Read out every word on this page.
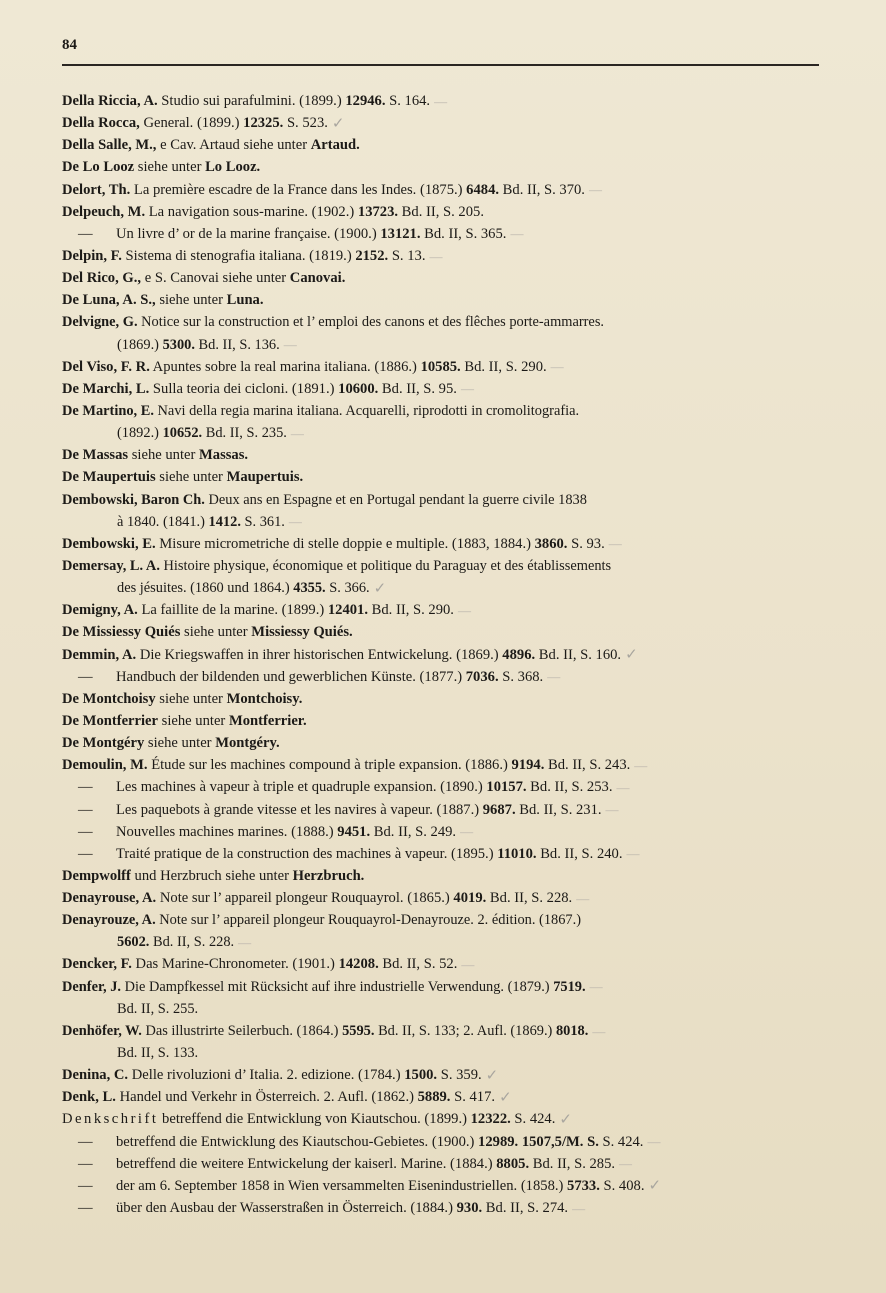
84
Della Riccia, A. Studio sui parafulmini. (1899.) 12946. S. 164. —
Della Rocca, General. (1899.) 12325. S. 523. ✓
Della Salle, M., e Cav. Artaud siehe unter Artaud.
De Lo Looz siehe unter Lo Looz.
Delort, Th. La première escadre de la France dans les Indes. (1875.) 6484. Bd. II, S. 370. —
Delpeuch, M. La navigation sous-marine. (1902.) 13723. Bd. II, S. 205.
— Un livre d’ or de la marine française. (1900.) 13121. Bd. II, S. 365. —
Delpin, F. Sistema di stenografia italiana. (1819.) 2152. S. 13. —
Del Rico, G., e S. Canovai siehe unter Canovai.
De Luna, A. S., siehe unter Luna.
Delvigne, G. Notice sur la construction et l’ emploi des canons et des flêches porte-ammarres.
(1869.) 5300. Bd. II, S. 136. —
Del Viso, F. R. Apuntes sobre la real marina italiana. (1886.) 10585. Bd. II, S. 290. —
De Marchi, L. Sulla teoria dei cicloni. (1891.) 10600. Bd. II, S. 95. —
De Martino, E. Navi della regia marina italiana. Acquarelli, riprodotti in cromolitografia.
(1892.) 10652. Bd. II, S. 235. —
De Massas siehe unter Massas.
De Maupertuis siehe unter Maupertuis.
Dembowski, Baron Ch. Deux ans en Espagne et en Portugal pendant la guerre civile 1838
à 1840. (1841.) 1412. S. 361. —
Dembowski, E. Misure micrometriche di stelle doppie e multiple. (1883, 1884.) 3860. S. 93. —
Demersay, L. A. Histoire physique, économique et politique du Paraguay et des établissements
des jésuites. (1860 und 1864.) 4355. S. 366. ✓
Demigny, A. La faillite de la marine. (1899.) 12401. Bd. II, S. 290. —
De Missiessy Quiés siehe unter Missiessy Quiés.
Demmin, A. Die Kriegswaffen in ihrer historischen Entwickelung. (1869.) 4896. Bd. II, S. 160. ✓
— Handbuch der bildenden und gewerblichen Künste. (1877.) 7036. S. 368. —
De Montchoisy siehe unter Montchoisy.
De Montferrier siehe unter Montferrier.
De Montgéry siehe unter Montgéry.
Demoulin, M. Étude sur les machines compound à triple expansion. (1886.) 9194. Bd. II, S. 243. —
— Les machines à vapeur à triple et quadruple expansion. (1890.) 10157. Bd. II, S. 253. —
— Les paquebots à grande vitesse et les navires à vapeur. (1887.) 9687. Bd. II, S. 231. —
— Nouvelles machines marines. (1888.) 9451. Bd. II, S. 249. —
— Traité pratique de la construction des machines à vapeur. (1895.) 11010. Bd. II, S. 240. —
Dempwolff und Herzbruch siehe unter Herzbruch.
Denayrouse, A. Note sur l’ appareil plongeur Rouquayrol. (1865.) 4019. Bd. II, S. 228. —
Denayrouze, A. Note sur l’ appareil plongeur Rouquayrol-Denayrouze. 2. édition. (1867.)
5602. Bd. II, S. 228. —
Dencker, F. Das Marine-Chronometer. (1901.) 14208. Bd. II, S. 52. —
Denfer, J. Die Dampfkessel mit Rücksicht auf ihre industrielle Verwendung. (1879.) 7519. —
Bd. II, S. 255.
Denhöfer, W. Das illustrirte Seilerbuch. (1864.) 5595. Bd. II, S. 133; 2. Aufl. (1869.) 8018. —
Bd. II, S. 133.
Denina, C. Delle rivoluzioni d’ Italia. 2. edizione. (1784.) 1500. S. 359. ✓
Denk, L. Handel und Verkehr in Österreich. 2. Aufl. (1862.) 5889. S. 417. ✓
Denkschrift betreffend die Entwicklung von Kiautschou. (1899.) 12322. S. 424. ✓
— betreffend die Entwicklung des Kiautschou-Gebietes. (1900.) 12989. 1507,5/M. S. S. 424. —
— betreffend die weitere Entwickelung der kaiserl. Marine. (1884.) 8805. Bd. II, S. 285. —
— der am 6. September 1858 in Wien versammelten Eisenindustriellen. (1858.) 5733. S. 408. ✓
— über den Ausbau der Wasserstraßen in Österreich. (1884.) 930. Bd. II, S. 274. —
